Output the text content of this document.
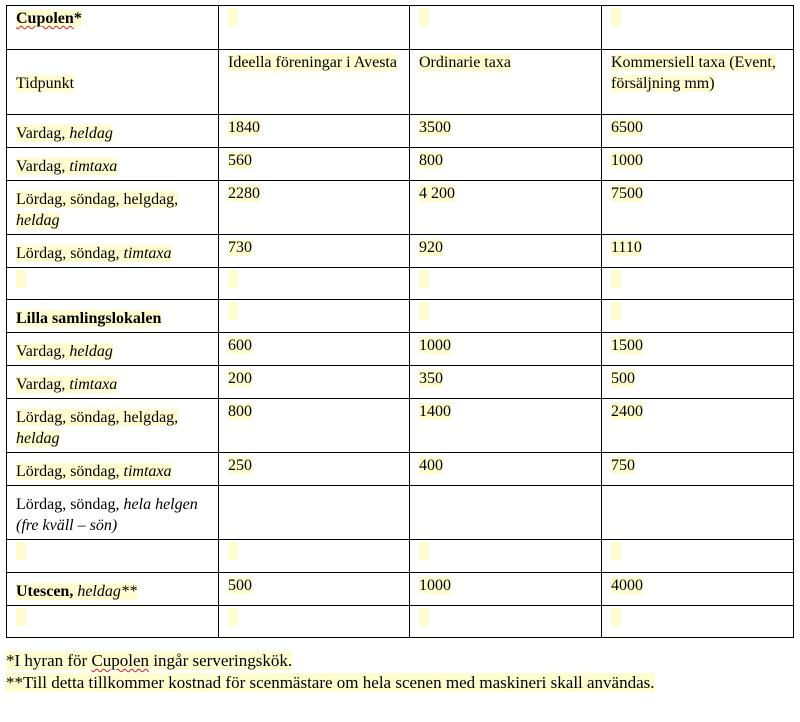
Cupolen*			

Tidpunkt	Ideella föreningar i Avesta	Ordinarie taxa	Kommersiell taxa (Event, försäljning mm)

Vardag, heldag	1840	3500	6500

Vardag, timtaxa	560	800	1000

Lördag, söndag, helgdag, heldag	2280	4 200	7500

Lördag, söndag, timtaxa	730	920	1110

Lilla samlingslokalen			

Vardag, heldag	600	1000	1500

Vardag, timtaxa	200	350	500

Lördag, söndag, helgdag, heldag	800	1400	2400

Lördag, söndag, timtaxa	250	400	750

Lördag, söndag, hela helgen (fre kväll – sön)			

Utescen, heldag**	500	1000	4000

*I hyran för Cupolen ingår serveringskök.
**Till detta tillkommer kostnad för scenmästare om hela scenen med maskineri skall användas.
